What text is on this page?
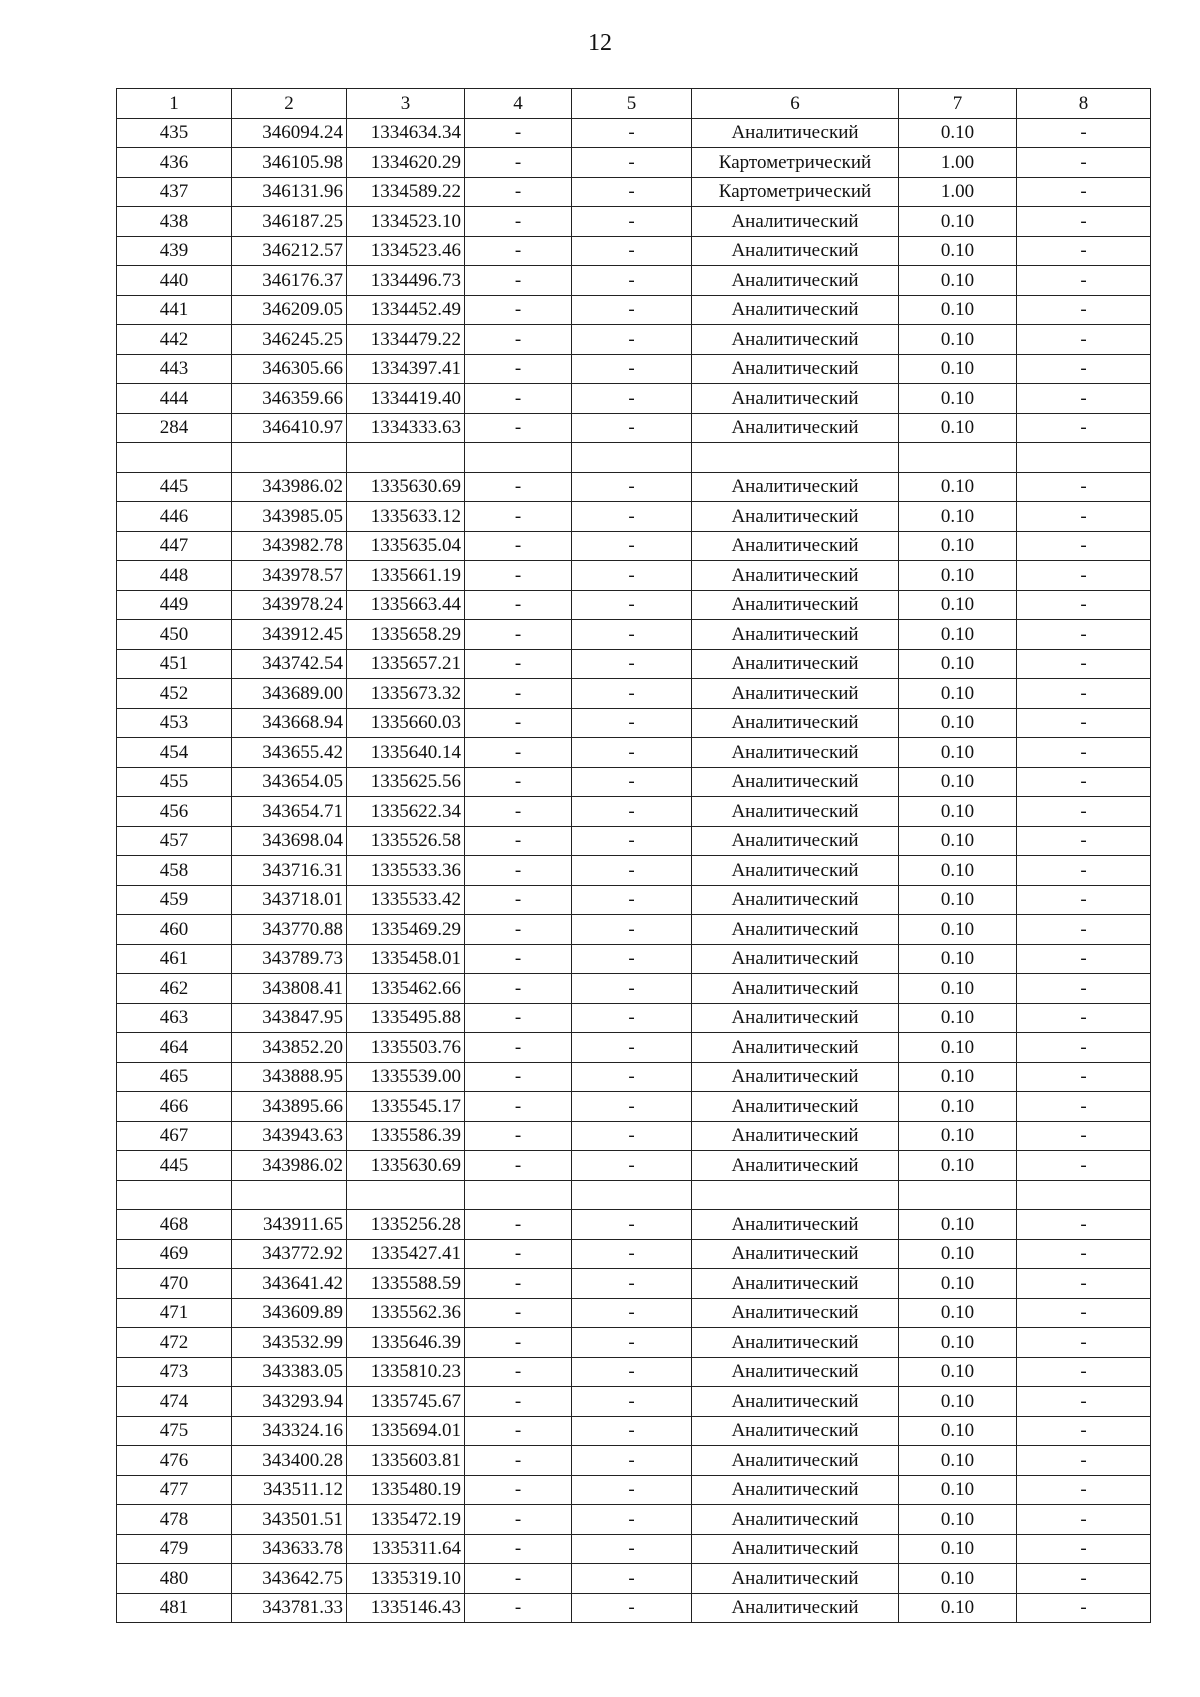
12
1	2	3	4	5	6	7	8
435	346094.24	1334634.34	-	-	Аналитический	0.10	-
436	346105.98	1334620.29	-	-	Картометрический	1.00	-
437	346131.96	1334589.22	-	-	Картометрический	1.00	-
438	346187.25	1334523.10	-	-	Аналитический	0.10	-
439	346212.57	1334523.46	-	-	Аналитический	0.10	-
440	346176.37	1334496.73	-	-	Аналитический	0.10	-
441	346209.05	1334452.49	-	-	Аналитический	0.10	-
442	346245.25	1334479.22	-	-	Аналитический	0.10	-
443	346305.66	1334397.41	-	-	Аналитический	0.10	-
444	346359.66	1334419.40	-	-	Аналитический	0.10	-
284	346410.97	1334333.63	-	-	Аналитический	0.10	-

445	343986.02	1335630.69	-	-	Аналитический	0.10	-
446	343985.05	1335633.12	-	-	Аналитический	0.10	-
447	343982.78	1335635.04	-	-	Аналитический	0.10	-
448	343978.57	1335661.19	-	-	Аналитический	0.10	-
449	343978.24	1335663.44	-	-	Аналитический	0.10	-
450	343912.45	1335658.29	-	-	Аналитический	0.10	-
451	343742.54	1335657.21	-	-	Аналитический	0.10	-
452	343689.00	1335673.32	-	-	Аналитический	0.10	-
453	343668.94	1335660.03	-	-	Аналитический	0.10	-
454	343655.42	1335640.14	-	-	Аналитический	0.10	-
455	343654.05	1335625.56	-	-	Аналитический	0.10	-
456	343654.71	1335622.34	-	-	Аналитический	0.10	-
457	343698.04	1335526.58	-	-	Аналитический	0.10	-
458	343716.31	1335533.36	-	-	Аналитический	0.10	-
459	343718.01	1335533.42	-	-	Аналитический	0.10	-
460	343770.88	1335469.29	-	-	Аналитический	0.10	-
461	343789.73	1335458.01	-	-	Аналитический	0.10	-
462	343808.41	1335462.66	-	-	Аналитический	0.10	-
463	343847.95	1335495.88	-	-	Аналитический	0.10	-
464	343852.20	1335503.76	-	-	Аналитический	0.10	-
465	343888.95	1335539.00	-	-	Аналитический	0.10	-
466	343895.66	1335545.17	-	-	Аналитический	0.10	-
467	343943.63	1335586.39	-	-	Аналитический	0.10	-
445	343986.02	1335630.69	-	-	Аналитический	0.10	-

468	343911.65	1335256.28	-	-	Аналитический	0.10	-
469	343772.92	1335427.41	-	-	Аналитический	0.10	-
470	343641.42	1335588.59	-	-	Аналитический	0.10	-
471	343609.89	1335562.36	-	-	Аналитический	0.10	-
472	343532.99	1335646.39	-	-	Аналитический	0.10	-
473	343383.05	1335810.23	-	-	Аналитический	0.10	-
474	343293.94	1335745.67	-	-	Аналитический	0.10	-
475	343324.16	1335694.01	-	-	Аналитический	0.10	-
476	343400.28	1335603.81	-	-	Аналитический	0.10	-
477	343511.12	1335480.19	-	-	Аналитический	0.10	-
478	343501.51	1335472.19	-	-	Аналитический	0.10	-
479	343633.78	1335311.64	-	-	Аналитический	0.10	-
480	343642.75	1335319.10	-	-	Аналитический	0.10	-
481	343781.33	1335146.43	-	-	Аналитический	0.10	-
